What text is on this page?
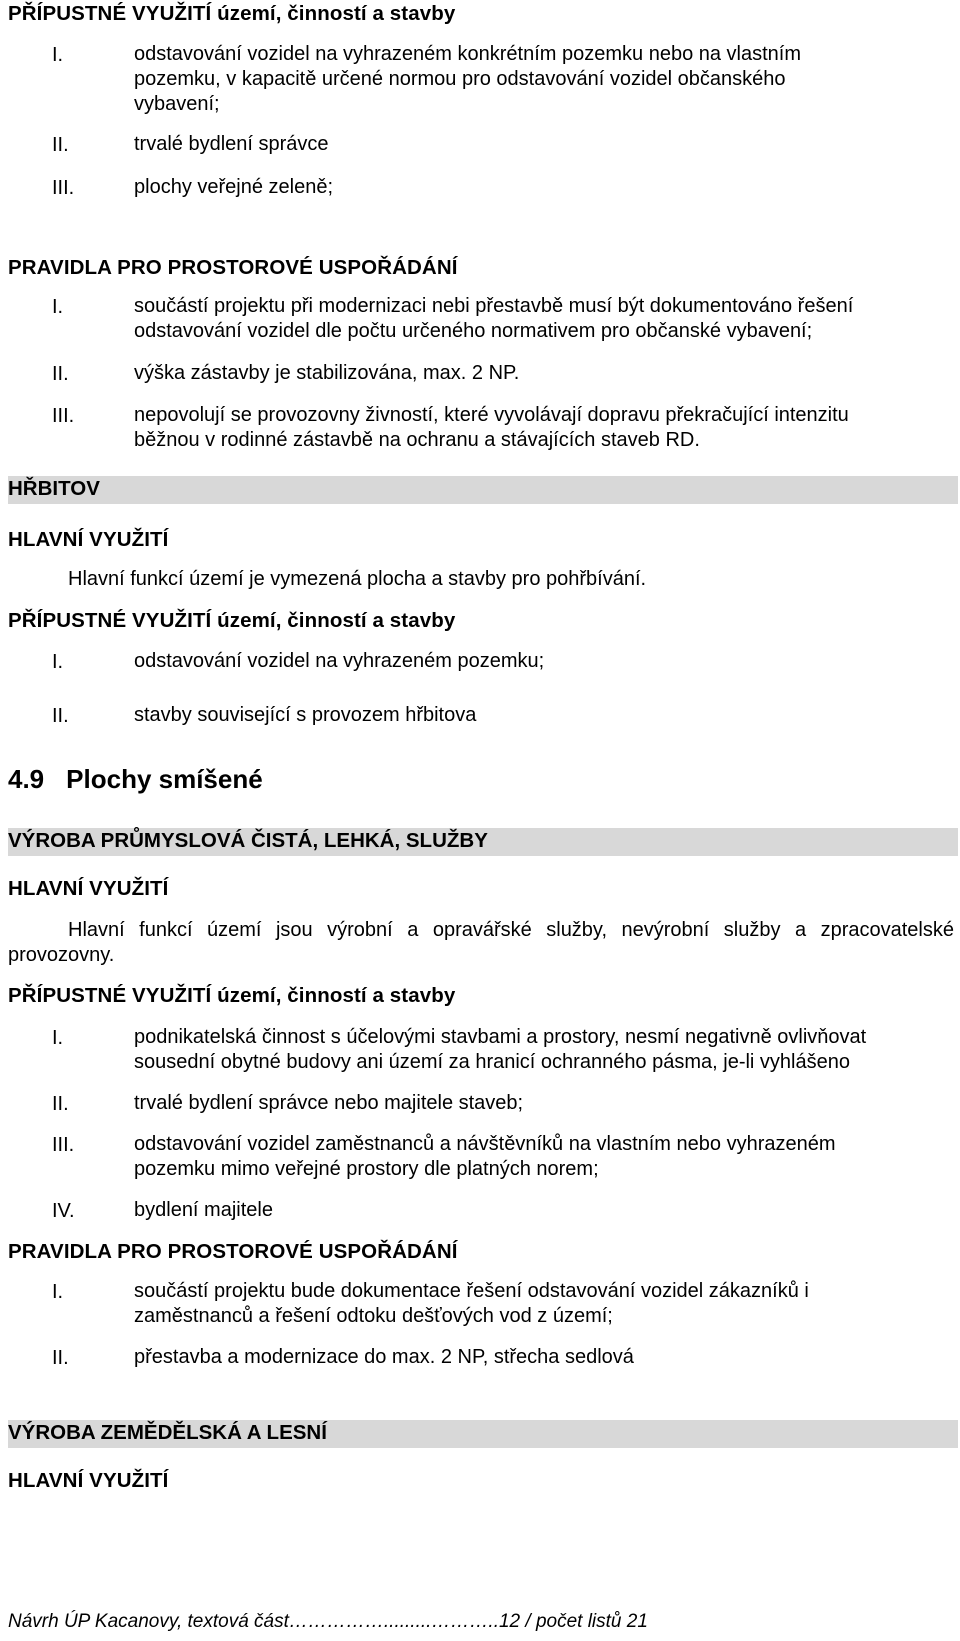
PŘÍPUSTNÉ VYUŽITÍ území, činností a stavby
I.	odstavování vozidel na vyhrazeném konkrétním pozemku nebo na vlastním
pozemku, v kapacitě určené normou pro odstavování vozidel občanského
vybavení;
II.	trvalé bydlení správce
III.	plochy veřejné zeleně;
PRAVIDLA PRO PROSTOROVÉ USPOŘÁDÁNÍ
I.	součástí projektu při modernizaci nebi přestavbě musí být dokumentováno řešení
odstavování vozidel dle počtu určeného normativem pro občanské vybavení;
II.	výška zástavby je stabilizována, max. 2 NP.
III.	nepovolují se provozovny živností, které vyvolávají dopravu překračující intenzitu
běžnou v rodinné zástavbě na ochranu a stávajících staveb RD.
HŘBITOV
HLAVNÍ VYUŽITÍ
Hlavní funkcí území je vymezená plocha a stavby pro pohřbívání.
PŘÍPUSTNÉ VYUŽITÍ území, činností a stavby
I.	odstavování vozidel na vyhrazeném pozemku;
II.	stavby související s provozem hřbitova
4.9 Plochy smíšené
VÝROBA PRŮMYSLOVÁ ČISTÁ, LEHKÁ, SLUŽBY
HLAVNÍ VYUŽITÍ
Hlavní funkcí území jsou výrobní a opravářské služby, nevýrobní služby a zpracovatelské
provozovny.
PŘÍPUSTNÉ VYUŽITÍ území, činností a stavby
I.	podnikatelská činnost s účelovými stavbami a prostory, nesmí negativně ovlivňovat
sousední obytné budovy ani území za hranicí ochranného pásma, je-li vyhlášeno
II.	trvalé bydlení správce nebo majitele staveb;
III.	odstavování vozidel zaměstnanců a návštěvníků na vlastním nebo vyhrazeném
pozemku mimo veřejné prostory dle platných norem;
IV.	bydlení majitele
PRAVIDLA PRO PROSTOROVÉ USPOŘÁDÁNÍ
I.	součástí projektu bude dokumentace řešení odstavování vozidel zákazníků i
zaměstnanců a řešení odtoku dešťových vod z území;
II.	přestavba a modernizace do max. 2 NP, střecha sedlová
VÝROBA ZEMĚDĚLSKÁ A LESNÍ
HLAVNÍ VYUŽITÍ
Návrh ÚP Kacanovy, textová část…………….........………..12 / počet listů 21
